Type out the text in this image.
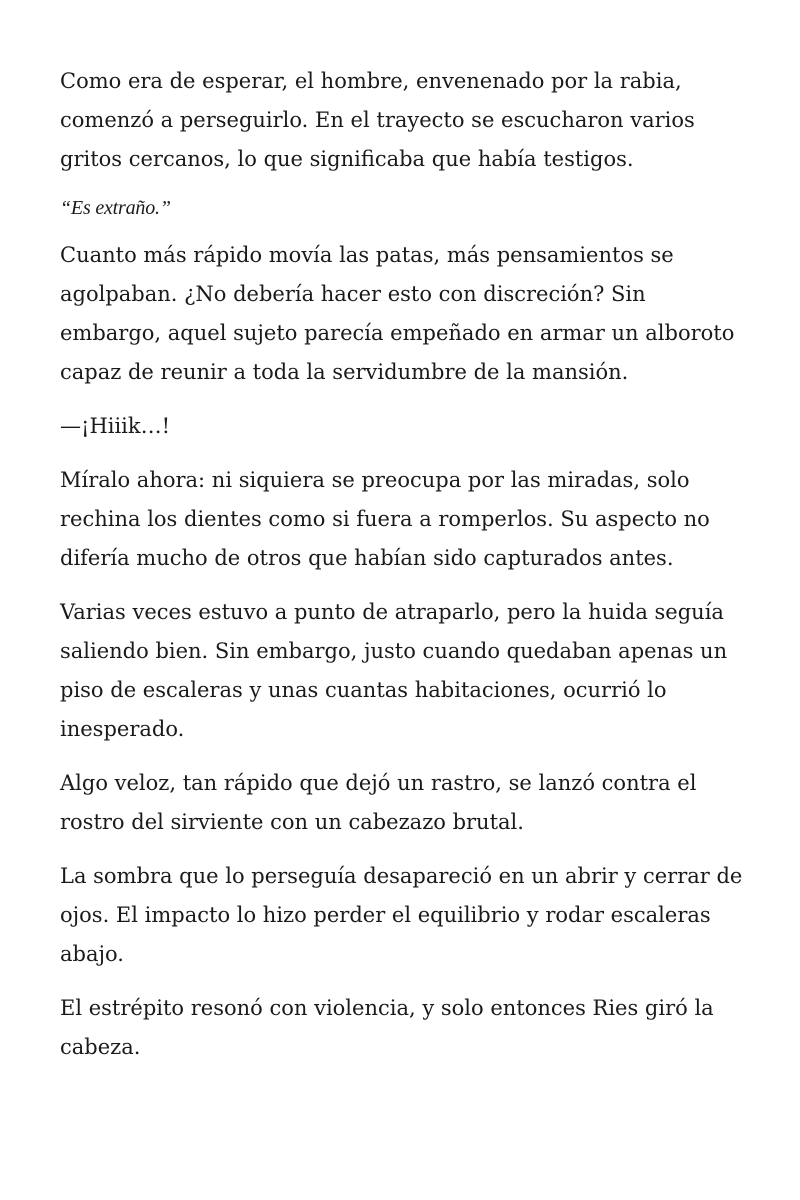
Como era de esperar, el hombre, envenenado por la rabia, comenzó a perseguirlo. En el trayecto se escucharon varios gritos cercanos, lo que significaba que había testigos.

“Es extraño.”

Cuanto más rápido movía las patas, más pensamientos se agolpaban. ¿No debería hacer esto con discreción? Sin embargo, aquel sujeto parecía empeñado en armar un alboroto capaz de reunir a toda la servidumbre de la mansión.

—¡Hiiik…!

Míralo ahora: ni siquiera se preocupa por las miradas, solo rechina los dientes como si fuera a romperlos. Su aspecto no difería mucho de otros que habían sido capturados antes.

Varias veces estuvo a punto de atraparlo, pero la huida seguía saliendo bien. Sin embargo, justo cuando quedaban apenas un piso de escaleras y unas cuantas habitaciones, ocurrió lo inesperado.

Algo veloz, tan rápido que dejó un rastro, se lanzó contra el rostro del sirviente con un cabezazo brutal.

La sombra que lo perseguía desapareció en un abrir y cerrar de ojos. El impacto lo hizo perder el equilibrio y rodar escaleras abajo.

El estrépito resonó con violencia, y solo entonces Ries giró la cabeza.
